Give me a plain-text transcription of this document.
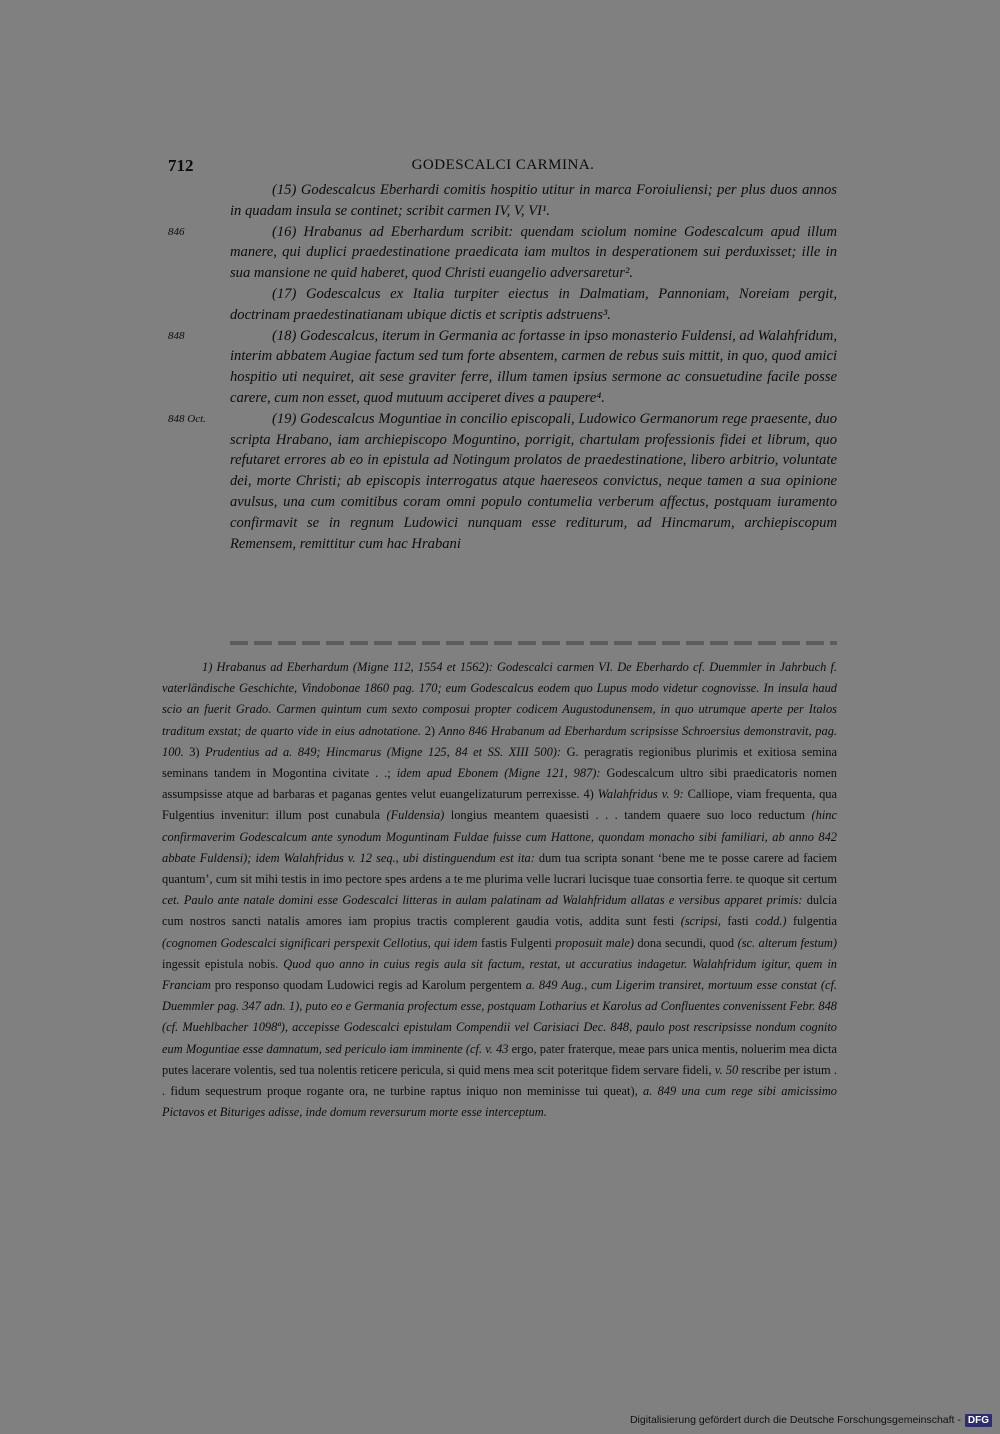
712	GODESCALCI CARMINA.

(15) Godescalcus Eberhardi comitis hospitio utitur in marca Foroiuliensi; per plus duos annos in quadam insula se continet; scribit carmen IV, V, VI¹.

846	(16) Hrabanus ad Eberhardum scribit: quendam sciolum nomine Godescalcum apud illum manere, qui duplici praedestinatione praedicata iam multos in desperationem sui perduxisset; ille in sua mansione ne quid haberet, quod Christi euangelio adversaretur².

(17) Godescalcus ex Italia turpiter eiectus in Dalmatiam, Pannoniam, Noreiam pergit, doctrinam praedestinatianam ubique dictis et scriptis adstruens³.

848	(18) Godescalcus, iterum in Germania ac fortasse in ipso monasterio Fuldensi, ad Walahfridum, interim abbatem Augiae factum sed tum forte absentem, carmen de rebus suis mittit, in quo, quod amici hospitio uti nequiret, ait sese graviter ferre, illum tamen ipsius sermone ac consuetudine facile posse carere, cum non esset, quod mutuum acciperet dives a paupere⁴.

848 Oct.	(19) Godescalcus Moguntiae in concilio episcopali, Ludowico Germanorum rege praesente, duo scripta Hrabano, iam archiepiscopo Moguntino, porrigit, chartulam professionis fidei et librum, quo refutaret errores ab eo in epistula ad Notingum prolatos de praedestinatione, libero arbitrio, voluntate dei, morte Christi; ab episcopis interrogatus atque haereseos convictus, neque tamen a sua opinione avulsus, una cum comitibus coram omni populo contumelia verberum affectus, postquam iuramento confirmavit se in regnum Ludowici nunquam esse rediturum, ad Hincmarum, archiepiscopum Remensem, remittitur cum hac Hrabani

1) Hrabanus ad Eberhardum (Migne 112, 1554 et 1562): Godescalci carmen VI. De Eberhardo cf. Duemmler in Jahrbuch f. vaterländische Geschichte, Vindobonae 1860 pag. 170; eum Godescalcus eodem quo Lupus modo videtur cognovisse. In insula haud scio an fuerit Grado. Carmen quintum cum sexto composui propter codicem Augustodunensem, in quo utrumque aperte per Italos traditum exstat; de quarto vide in eius adnotatione. 2) Anno 846 Hrabanum ad Eberhardum scripsisse Schroersius demonstravit, pag. 100. 3) Prudentius ad a. 849; Hincmarus (Migne 125, 84 et SS. XIII 500): G. peragratis regionibus plurimis et exitiosa semina seminans tandem in Mogontina civitate . .; idem apud Ebonem (Migne 121, 987): Godescalcum ultro sibi praedicatoris nomen assumpsisse atque ad barbaras et paganas gentes velut euangelizaturum perrexisse. 4) Walahfridus v. 9: Calliope, viam frequenta, qua Fulgentius invenitur: illum post cunabula (Fuldensia) longius meantem quaesisti . . . tandem quaere suo loco reductum (hinc confirmaverim Godescalcum ante synodum Moguntinam Fuldae fuisse cum Hattone, quondam monacho sibi familiari, ab anno 842 abbate Fuldensi); idem Walahfridus v. 12 seq., ubi distinguendum est ita: dum tua scripta sonant ‘bene me te posse carere ad faciem quantum’, cum sit mihi testis in imo pectore spes ardens a te me plurima velle lucrari lucisque tuae consortia ferre. te quoque sit certum cet. Paulo ante natale domini esse Godescalci litteras in aulam palatinam ad Walahfridum allatas e versibus apparet primis: dulcia cum nostros sancti natalis amores iam propius tractis complerent gaudia votis, addita sunt festi (scripsi, fasti codd.) fulgentia (cognomen Godescalci significari perspexit Cellotius, qui idem fastis Fulgenti proposuit male) dona secundi, quod (sc. alterum festum) ingessit epistula nobis. Quod quo anno in cuius regis aula sit factum, restat, ut accuratius indagetur. Walahfridum igitur, quem in Franciam pro responso quodam Ludowici regis ad Karolum pergentem a. 849 Aug., cum Ligerim transiret, mortuum esse constat (cf. Duemmler pag. 347 adn. 1), puto eo e Germania profectum esse, postquam Lotharius et Karolus ad Confluentes convenissent Febr. 848 (cf. Muehlbacher 1098ª), accepisse Godescalci epistulam Compendii vel Carisiaci Dec. 848, paulo post rescripsisse nondum cognito eum Moguntiae esse damnatum, sed periculo iam imminente (cf. v. 43 ergo, pater fraterque, meae pars unica mentis, noluerim mea dicta putes lacerare volentis, sed tua nolentis reticere pericula, si quid mens mea scit poteritque fidem servare fideli, v. 50 rescribe per istum . . fidum sequestrum proque rogante ora, ne turbine raptus iniquo non meminisse tui queat), a. 849 una cum rege sibi amicissimo Pictavos et Bituriges adisse, inde domum reversurum morte esse interceptum.

Digitalisierung gefördert durch die Deutsche Forschungsgemeinschaft - DFG
